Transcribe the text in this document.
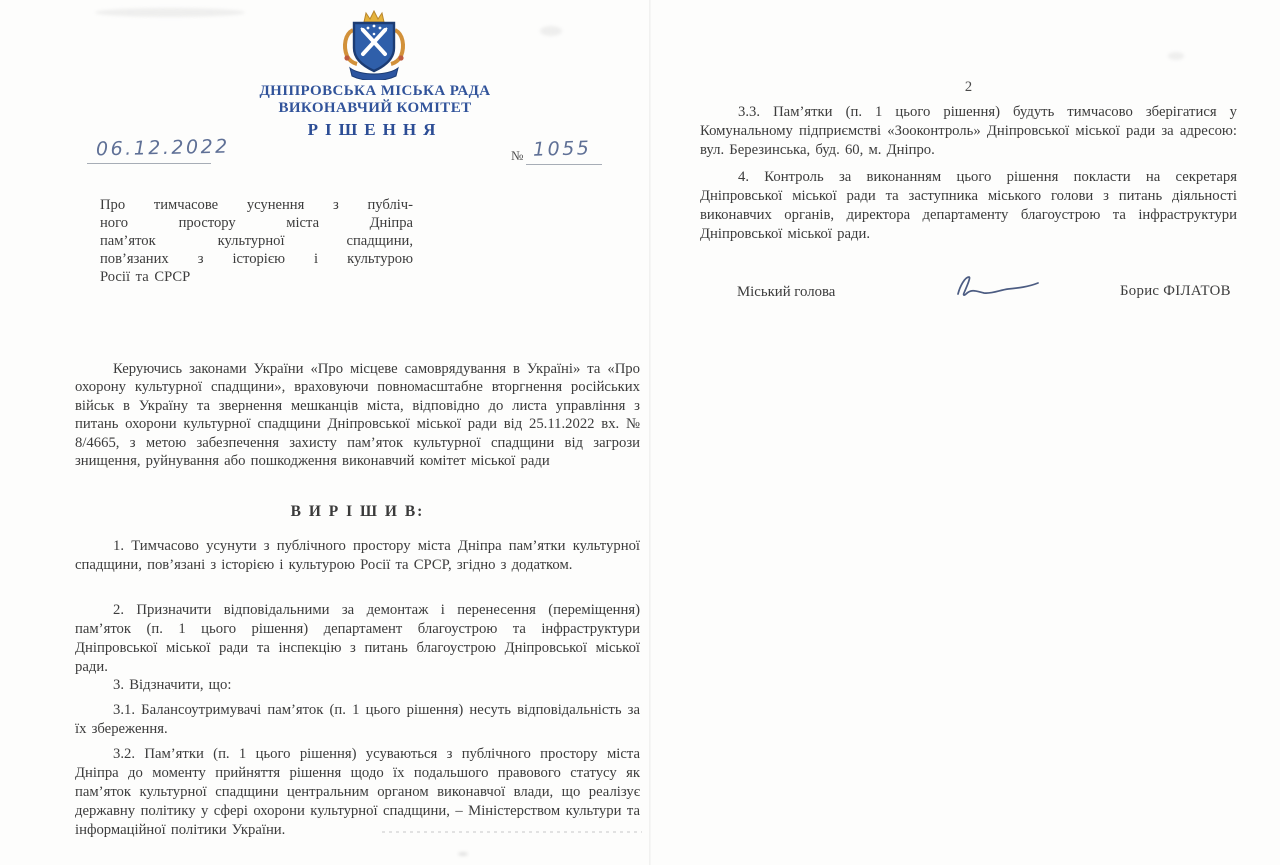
ДНІПРОВСЬКА МІСЬКА РАДА
ВИКОНАВЧИЙ КОМІТЕТ
РІШЕННЯ
06.12.2022	№ 1055
Про тимчасове усунення з публіч-
ного простору міста Дніпра
пам’яток культурної спадщини,
пов’язаних з історією і культурою
Росії та СРСР
Керуючись законами України «Про місцеве самоврядування в Україні» та «Про охорону культурної спадщини», враховуючи повномасштабне вторгнення російських військ в Україну та звернення мешканців міста, відповідно до листа управління з питань охорони культурної спадщини Дніпровської міської ради від 25.11.2022 вх. № 8/4665, з метою забезпечення захисту пам’яток культурної спадщини від загрози знищення, руйнування або пошкодження виконавчий комітет міської ради
В И Р І Ш И В:
1. Тимчасово усунути з публічного простору міста Дніпра пам’ятки культурної спадщини, пов’язані з історією і культурою Росії та СРСР, згідно з додатком.
2. Призначити відповідальними за демонтаж і перенесення (переміщення) пам’яток (п. 1 цього рішення) департамент благоустрою та інфраструктури Дніпровської міської ради та інспекцію з питань благоустрою Дніпровської міської ради.
3. Відзначити, що:
3.1. Балансоутримувачі пам’яток (п. 1 цього рішення) несуть відповідальність за їх збереження.
3.2. Пам’ятки (п. 1 цього рішення) усуваються з публічного простору міста Дніпра до моменту прийняття рішення щодо їх подальшого правового статусу як пам’яток культурної спадщини центральним органом виконавчої влади, що реалізує державну політику у сфері охорони культурної спадщини, – Міністерством культури та інформаційної політики України.
2
3.3. Пам’ятки (п. 1 цього рішення) будуть тимчасово зберігатися у Комунальному підприємстві «Зооконтроль» Дніпровської міської ради за адресою: вул. Березинська, буд. 60, м. Дніпро.
4. Контроль за виконанням цього рішення покласти на секретаря Дніпровської міської ради та заступника міського голови з питань діяльності виконавчих органів, директора департаменту благоустрою та інфраструктури Дніпровської міської ради.
Міський голова	Борис ФІЛАТОВ
